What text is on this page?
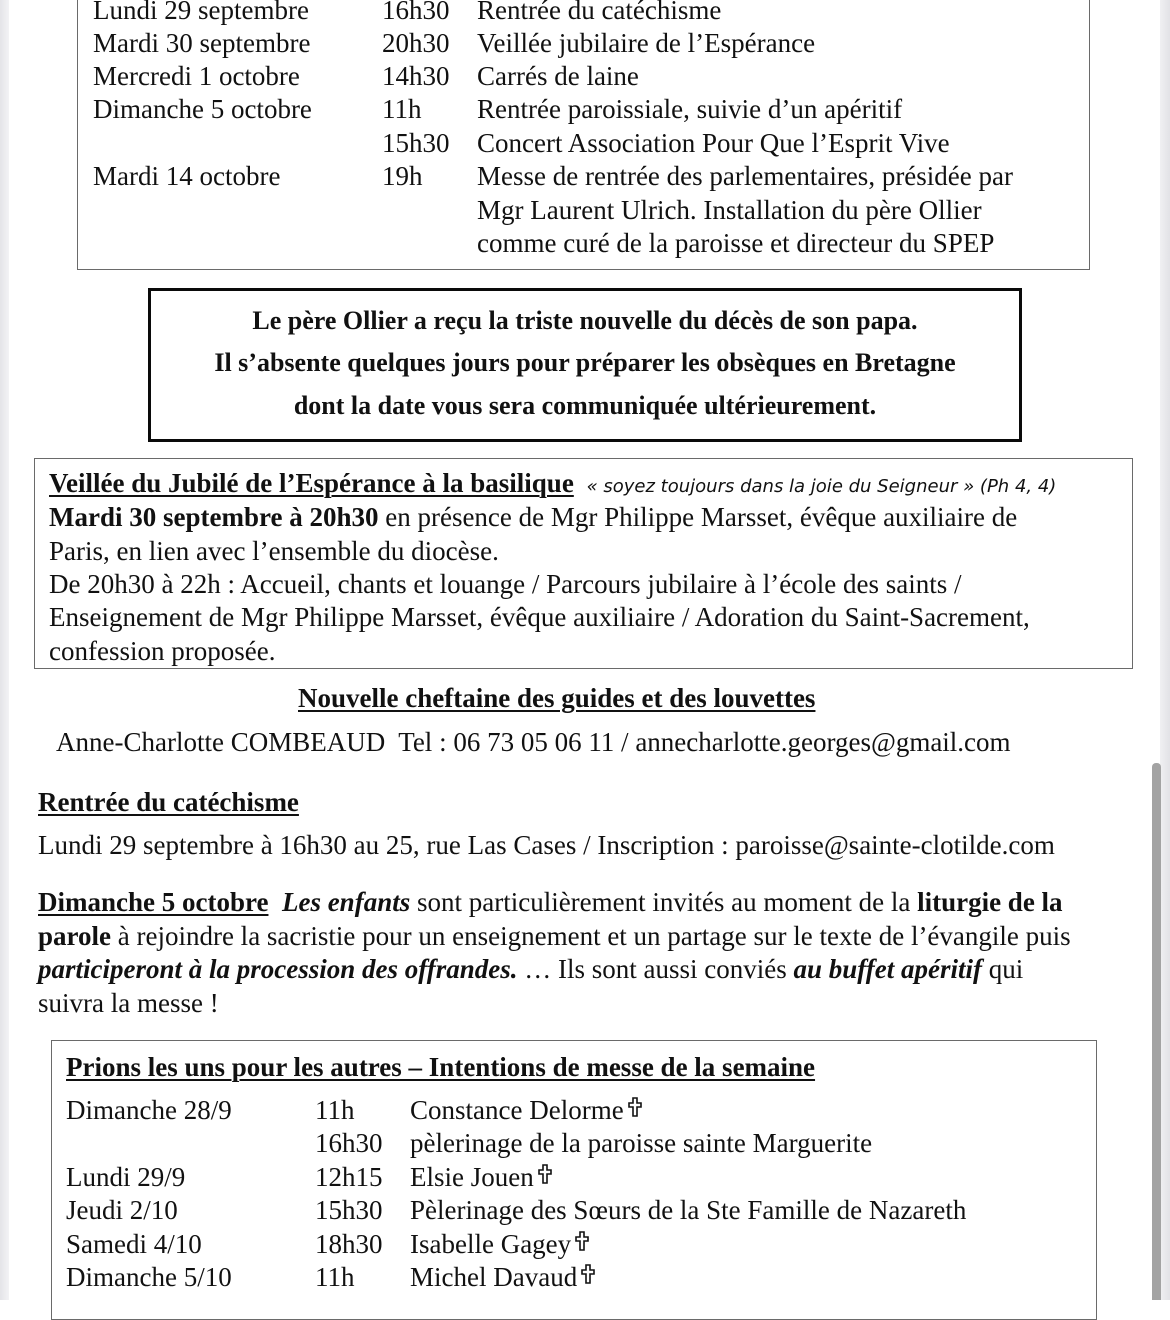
Lundi 29 septembre	16h30 Rentrée du catéchisme
Mardi 30 septembre	20h30 Veillée jubilaire de l’Espérance
Mercredi 1 octobre	14h30 Carrés de laine
Dimanche 5 octobre	11h Rentrée paroissiale, suivie d’un apéritif
15h30 Concert Association Pour Que l’Esprit Vive
Mardi 14 octobre	19h Messe de rentrée des parlementaires, présidée par
Mgr Laurent Ulrich. Installation du père Ollier
comme curé de la paroisse et directeur du SPEP
Le père Ollier a reçu la triste nouvelle du décès de son papa.
Il s’absente quelques jours pour préparer les obsèques en Bretagne
dont la date vous sera communiquée ultérieurement.
Veillée du Jubilé de l’Espérance à la basilique « soyez toujours dans la joie du Seigneur » (Ph 4, 4)
Mardi 30 septembre à 20h30 en présence de Mgr Philippe Marsset, évêque auxiliaire de
Paris, en lien avec l’ensemble du diocèse.
De 20h30 à 22h : Accueil, chants et louange / Parcours jubilaire à l’école des saints /
Enseignement de Mgr Philippe Marsset, évêque auxiliaire / Adoration du Saint-Sacrement,
confession proposée.
Nouvelle cheftaine des guides et des louvettes
Anne-Charlotte COMBEAUD  Tel : 06 73 05 06 11 / annecharlotte.georges@gmail.com
Rentrée du catéchisme
Lundi 29 septembre à 16h30 au 25, rue Las Cases / Inscription : paroisse@sainte-clotilde.com
Dimanche 5 octobre Les enfants sont particulièrement invités au moment de la liturgie de la
parole à rejoindre la sacristie pour un enseignement et un partage sur le texte de l’évangile puis
participeront à la procession des offrandes. … Ils sont aussi conviés au buffet apéritif qui
suivra la messe !
Prions les uns pour les autres – Intentions de messe de la semaine
Dimanche 28/9	11h Constance Delorme
16h30 pèlerinage de la paroisse sainte Marguerite
Lundi 29/9	12h15 Elsie Jouen
Jeudi 2/10	15h30 Pèlerinage des Sœurs de la Ste Famille de Nazareth
Samedi 4/10	18h30 Isabelle Gagey
Dimanche 5/10	11h Michel Davaud
